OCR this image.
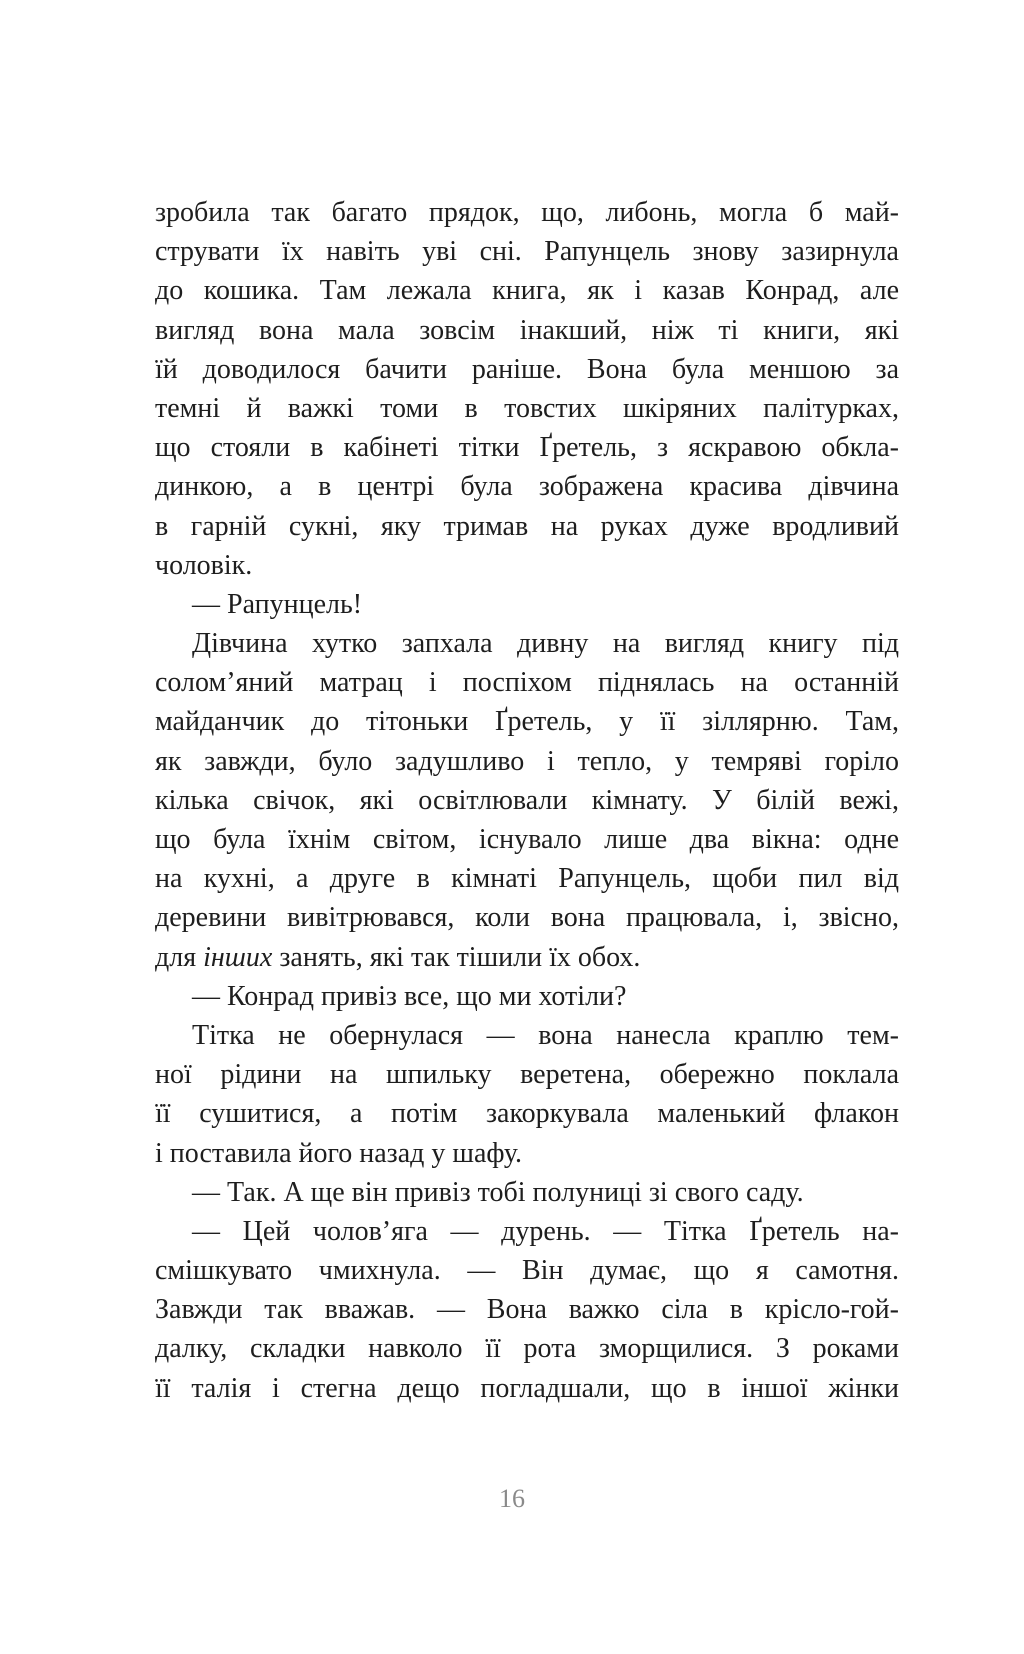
зробила так багато прядок, що, либонь, могла б май-
струвати їх навіть уві сні. Рапунцель знову зазирнула
до кошика. Там лежала книга, як і казав Конрад, але
вигляд вона мала зовсім інакший, ніж ті книги, які
їй доводилося бачити раніше. Вона була меншою за
темні й важкі томи в товстих шкіряних палітурках,
що стояли в кабінеті тітки Ґретель, з яскравою обкла-
динкою, а в центрі була зображена красива дівчина
в гарній сукні, яку тримав на руках дуже вродливий
чоловік.
— Рапунцель!
Дівчина хутко запхала дивну на вигляд книгу під
солом’яний матрац і поспіхом піднялась на останній
майданчик до тітоньки Ґретель, у її зіллярню. Там,
як завжди, було задушливо і тепло, у темряві горіло
кілька свічок, які освітлювали кімнату. У білій вежі,
що була їхнім світом, існувало лише два вікна: одне
на кухні, а друге в кімнаті Рапунцель, щоби пил від
деревини вивітрювався, коли вона працювала, і, звісно,
для інших занять, які так тішили їх обох.
— Конрад привіз все, що ми хотіли?
Тітка не обернулася — вона нанесла краплю тем-
ної рідини на шпильку веретена, обережно поклала
її сушитися, а потім закоркувала маленький флакон
і поставила його назад у шафу.
— Так. А ще він привіз тобі полуниці зі свого саду.
— Цей чолов’яга — дурень. — Тітка Ґретель на-
смішкувато чмихнула. — Він думає, що я самотня.
Завжди так вважав. — Вона важко сіла в крісло-гой-
далку, складки навколо її рота зморщилися. З роками
її талія і стегна дещо погладшали, що в іншої жінки
16
